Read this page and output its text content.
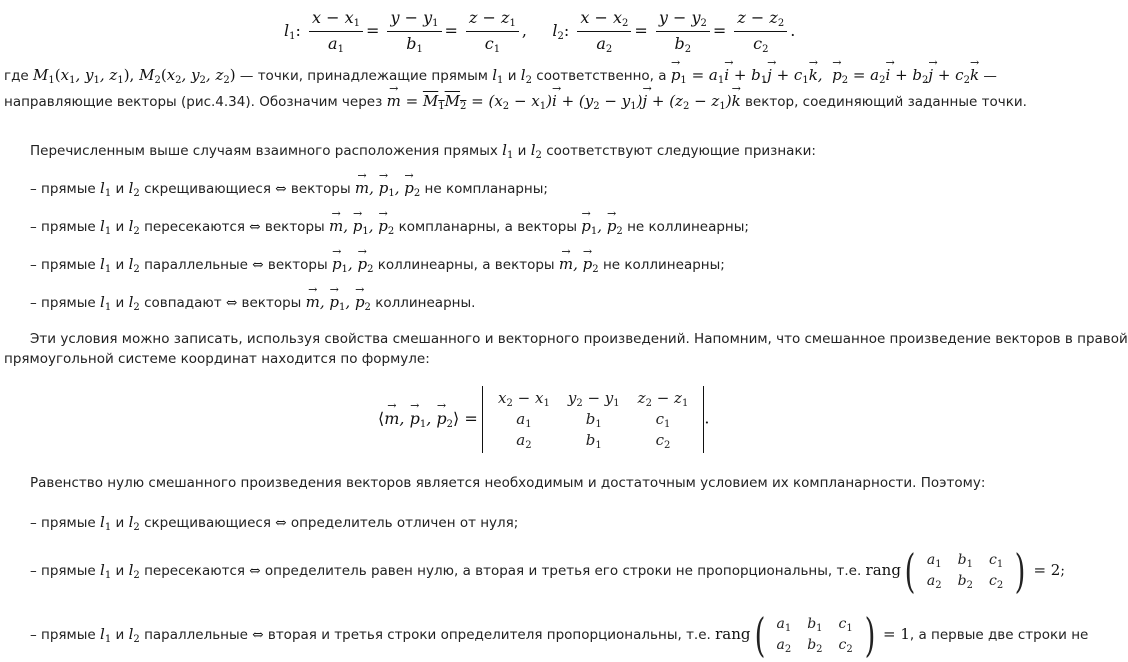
$l_1$: $\frac{x - x_1}{a_1} = \frac{y - y_1}{b_1} = \frac{z - z_1}{c_1}$ , $l_2$: $\frac{x - x_2}{a_2} = \frac{y - y_2}{b_2} = \frac{z - z_2}{c_2}$ .
где $M_1(x_1$, $y_1$, $z_1$), $M_2(x_2$, $y_2$, $z_2$) — точки, принадлежащие прямым $l_1$ и $l_2$ соответственно, $а \to p_1 = a_1\to i + b_1\to j + c_1\to k$,  → $p_2 = a_2\to i + b_2\to j + c_2\to k$ —
направляющие векторы (рис.4.34). Обозначим через → $m = M_1M_2 = (x_2 - x_1)\to i + (y_2 - y_1)\to j + (z_2 - z_1)\to k$ вектор, соединяющий заданные точки.
Перечисленным выше случаям взаимного расположения прямых $l_1$ и $l_2$ соответствуют следующие признаки:
– прямые $l_1$ и $l_2$ скрещивающиеся ⇔ векторы → m, → $p_1$, → $p_2$ не компланарны;
– прямые $l_1$ и $l_2$ пересекаются ⇔ векторы → m, → $p_1$, → $p_2$ компланарны, а векторы → $p_1$, → $p_2$ не коллинеарны;
– прямые $l_1$ и $l_2$ параллельные ⇔ векторы → $p_1$, → $p_2$ коллинеарны, а векторы → m, → $p_2$ не коллинеарны;
– прямые $l_1$ и $l_2$ совпадают ⇔ векторы → m, → $p_1$, → $p_2$ коллинеарны.
Эти условия можно записать, используя свойства смешанного и векторного произведений. Напомним, что смешанное произведение векторов в правой
прямоугольной системе координат находится по формуле:
⟨→ m, → $p_1$, → $p_2⟩$ =
$x_2 - x_1$	$y_2 - y_1$	$z_2 - z_1$
$a_1$	$b_1$	$c_1$
$a_2$	$b_1$	$c_2$
.
Равенство нулю смешанного произведения векторов является необходимым и достаточным условием их компланарности. Поэтому:
– прямые $l_1$ и $l_2$ скрещивающиеся ⇔ определитель отличен от нуля;
– прямые $l_1$ и $l_2$ пересекаются ⇔ определитель равен нулю, а вторая и третья его строки не пропорциональны, т.е. rang ( $a_1$	$b_1$	$c_1$
$a_2$	$b_2$	$c_2$ ) = 2;
– прямые $l_1$ и $l_2$ параллельные ⇔ вторая и третья строки определителя пропорциональны, т.е. rang ( $a_1$	$b_1$	$c_1$
$a_2$	$b_2$	$c_2$ ) = 1, а первые две строки не
